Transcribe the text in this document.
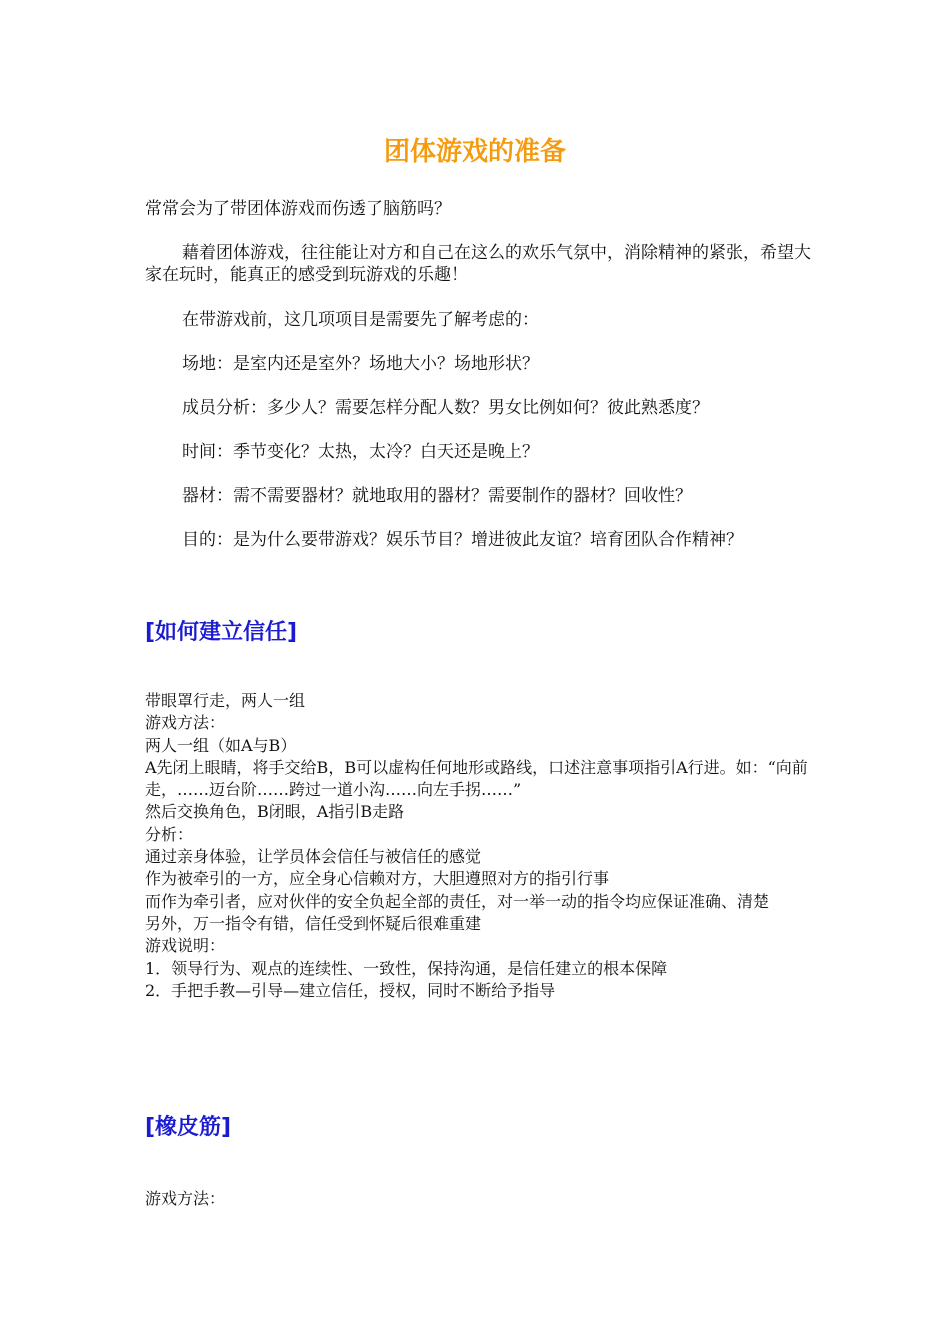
团体游戏的准备

常常会为了带团体游戏而伤透了脑筋吗？

藉着团体游戏，往往能让对方和自己在这么的欢乐气氛中，消除精神的紧张，希望大家在玩时，能真正的感受到玩游戏的乐趣！

在带游戏前，这几项项目是需要先了解考虑的：

场地：是室内还是室外？场地大小？场地形状？

成员分析：多少人？需要怎样分配人数？男女比例如何？彼此熟悉度？

时间：季节变化？太热，太冷？白天还是晚上？

器材：需不需要器材？就地取用的器材？需要制作的器材？回收性？

目的：是为什么要带游戏？娱乐节目？增进彼此友谊？培育团队合作精神？

[如何建立信任]
带眼罩行走，两人一组
游戏方法：
两人一组（如A与B）
A先闭上眼睛，将手交给B，B可以虚构任何地形或路线，口述注意事项指引A行进。如：“向前走，……迈台阶……跨过一道小沟……向左手拐……”
然后交换角色，B闭眼，A指引B走路
分析：
通过亲身体验，让学员体会信任与被信任的感觉
作为被牵引的一方，应全身心信赖对方，大胆遵照对方的指引行事
而作为牵引者，应对伙伴的安全负起全部的责任，对一举一动的指令均应保证准确、清楚
另外，万一指令有错，信任受到怀疑后很难重建
游戏说明：
1．领导行为、观点的连续性、一致性，保持沟通，是信任建立的根本保障
2．手把手教—引导—建立信任，授权，同时不断给予指导
[橡皮筋]
游戏方法：
